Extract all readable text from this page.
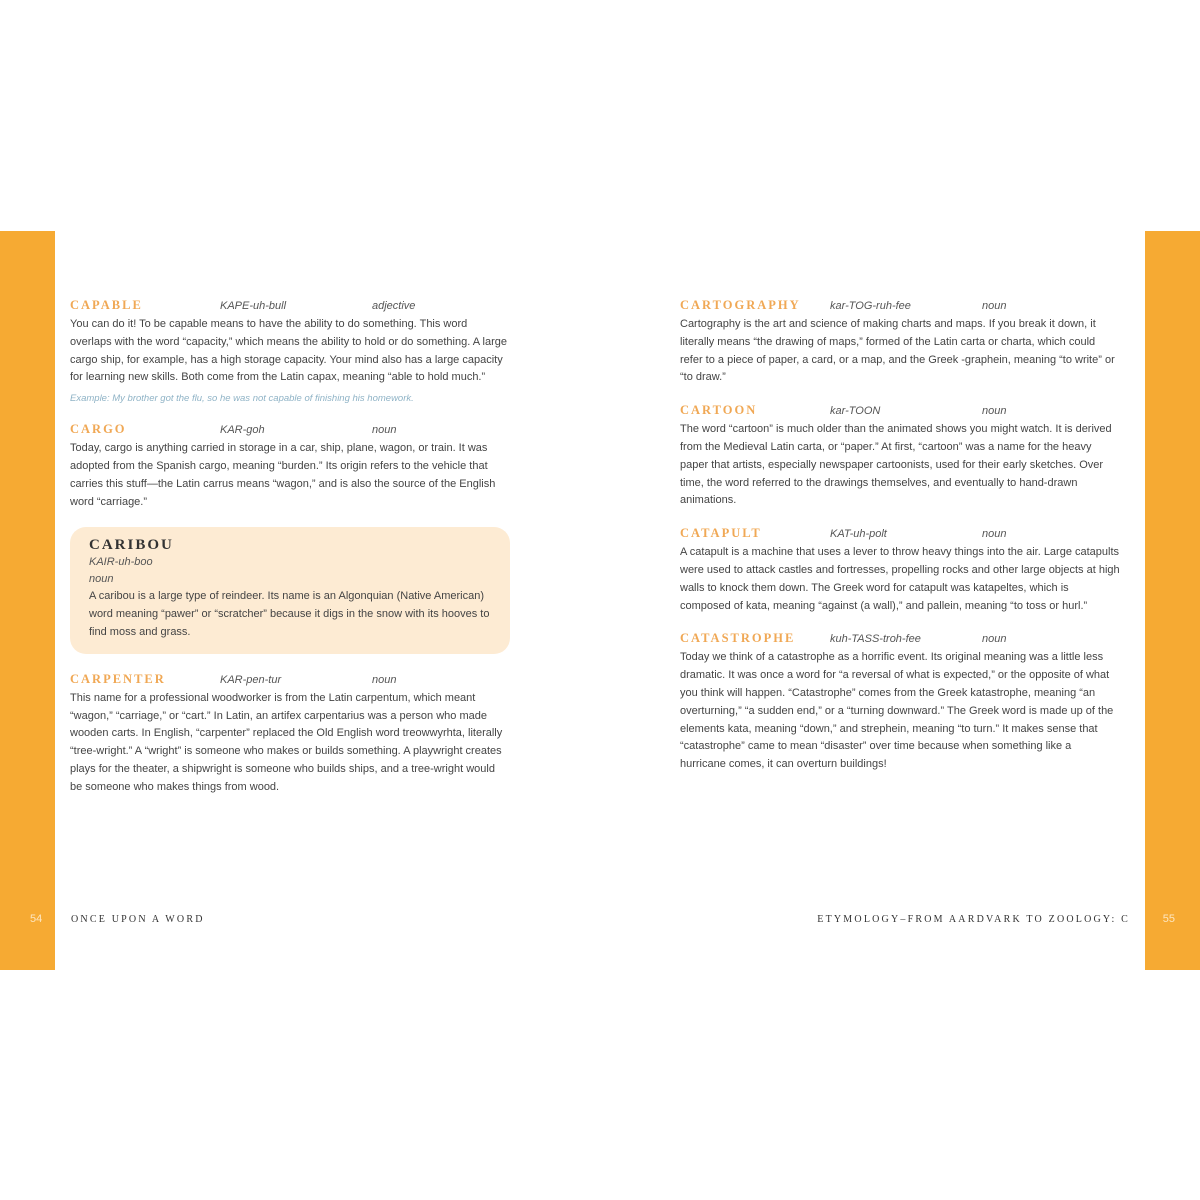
54	55
CAPABLE	KAPE-uh-bull	adjective
You can do it! To be capable means to have the ability to do something. This word overlaps with the word “capacity,” which means the ability to hold or do something. A large cargo ship, for example, has a high storage capacity. Your mind also has a large capacity for learning new skills. Both come from the Latin capax, meaning “able to hold much.”
Example: My brother got the flu, so he was not capable of finishing his homework.
CARGO	KAR-goh	noun
Today, cargo is anything carried in storage in a car, ship, plane, wagon, or train. It was adopted from the Spanish cargo, meaning “burden.” Its origin refers to the vehicle that carries this stuff—the Latin carrus means “wagon,” and is also the source of the English word “carriage.”
CARIBOU
KAIR-uh-boo
noun
A caribou is a large type of reindeer. Its name is an Algonquian (Native American) word meaning “pawer” or “scratcher” because it digs in the snow with its hooves to find moss and grass.
CARPENTER	KAR-pen-tur	noun
This name for a professional woodworker is from the Latin carpentum, which meant “wagon,” “carriage,” or “cart.” In Latin, an artifex carpentarius was a person who made wooden carts. In English, “carpenter” replaced the Old English word treowwyrhta, literally “tree-wright.” A “wright” is someone who makes or builds something. A playwright creates plays for the theater, a shipwright is someone who builds ships, and a tree-wright would be someone who makes things from wood.
CARTOGRAPHY	kar-TOG-ruh-fee	noun
Cartography is the art and science of making charts and maps. If you break it down, it literally means “the drawing of maps,” formed of the Latin carta or charta, which could refer to a piece of paper, a card, or a map, and the Greek -graphein, meaning “to write” or “to draw.”
CARTOON	kar-TOON	noun
The word “cartoon” is much older than the animated shows you might watch. It is derived from the Medieval Latin carta, or “paper.” At first, “cartoon” was a name for the heavy paper that artists, especially newspaper cartoonists, used for their early sketches. Over time, the word referred to the drawings themselves, and eventually to hand-drawn animations.
CATAPULT	KAT-uh-polt	noun
A catapult is a machine that uses a lever to throw heavy things into the air. Large catapults were used to attack castles and fortresses, propelling rocks and other large objects at high walls to knock them down. The Greek word for catapult was katapeltes, which is composed of kata, meaning “against (a wall),” and pallein, meaning “to toss or hurl.”
CATASTROPHE	kuh-TASS-troh-fee	noun
Today we think of a catastrophe as a horrific event. Its original meaning was a little less dramatic. It was once a word for “a reversal of what is expected,” or the opposite of what you think will happen. “Catastrophe” comes from the Greek katastrophe, meaning “an overturning,” “a sudden end,” or a “turning downward.” The Greek word is made up of the elements kata, meaning “down,” and strephein, meaning “to turn.” It makes sense that “catastrophe” came to mean “disaster” over time because when something like a hurricane comes, it can overturn buildings!
ONCE UPON A WORD	ETYMOLOGY–FROM AARDVARK TO ZOOLOGY: C
